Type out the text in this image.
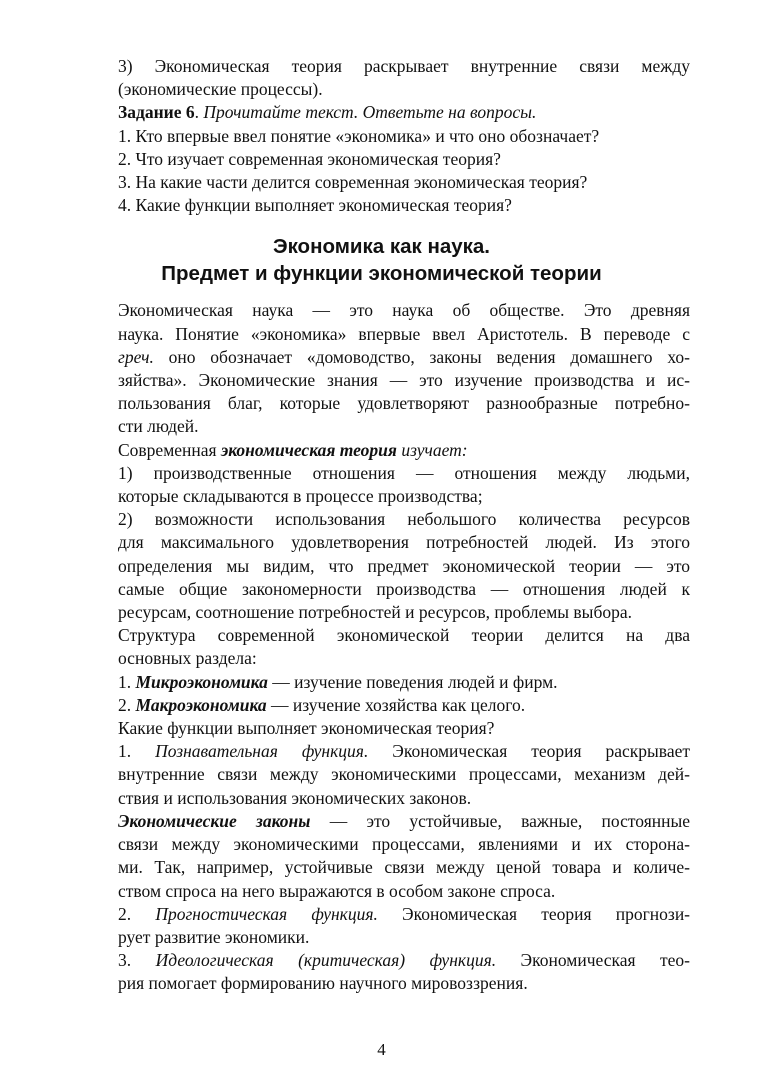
3) Экономическая теория раскрывает внутренние связи между
(экономические процессы).

Задание 6. Прочитайте текст. Ответьте на вопросы.

1. Кто впервые ввел понятие «экономика» и что оно обозначает?

2. Что изучает современная экономическая теория?

3. На какие части делится современная экономическая теория?

4. Какие функции выполняет экономическая теория?

Экономика как наука.
Предмет и функции экономической теории

Экономическая наука — это наука об обществе. Это древняя
наука. Понятие «экономика» впервые ввел Аристотель. В переводе с
греч. оно обозначает «домоводство, законы ведения домашнего хо-
зяйства». Экономические знания — это изучение производства и ис-
пользования благ, которые удовлетворяют разнообразные потребно-
сти людей.

Современная экономическая теория изучает:

1) производственные отношения — отношения между людьми,
которые складываются в процессе производства;

2) возможности использования небольшого количества ресурсов
для максимального удовлетворения потребностей людей. Из этого
определения мы видим, что предмет экономической теории — это
самые общие закономерности производства — отношения людей к
ресурсам, соотношение потребностей и ресурсов, проблемы выбора.

Структура современной экономической теории делится на два
основных раздела:

1. Микроэкономика — изучение поведения людей и фирм.

2. Макроэкономика — изучение хозяйства как целого.

Какие функции выполняет экономическая теория?

1. Познавательная функция. Экономическая теория раскрывает
внутренние связи между экономическими процессами, механизм дей-
ствия и использования экономических законов.

Экономические законы — это устойчивые, важные, постоянные
связи между экономическими процессами, явлениями и их сторона-
ми. Так, например, устойчивые связи между ценой товара и количе-
ством спроса на него выражаются в особом законе спроса.

2. Прогностическая функция. Экономическая теория прогнози-
рует развитие экономики.

3. Идеологическая (критическая) функция. Экономическая тео-
рия помогает формированию научного мировоззрения.

4
